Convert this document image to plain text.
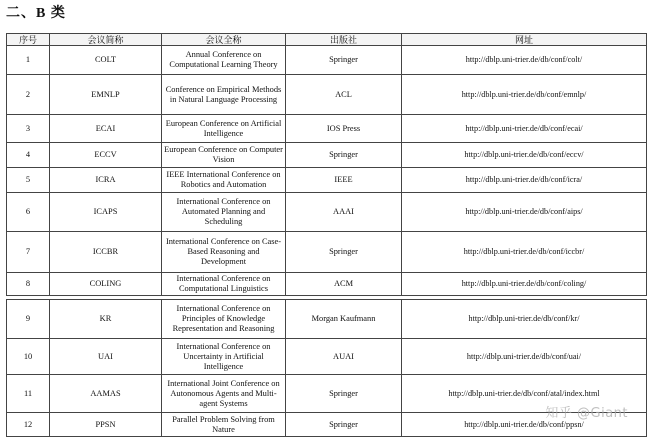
二、B 类
序号	会议简称	会议全称	出版社	网址
1	COLT	Annual Conference on Computational Learning Theory	Springer	http://dblp.uni-trier.de/db/conf/colt/
2	EMNLP	Conference on Empirical Methods in Natural Language Processing	ACL	http://dblp.uni-trier.de/db/conf/emnlp/
3	ECAI	European Conference on Artificial Intelligence	IOS Press	http://dblp.uni-trier.de/db/conf/ecai/
4	ECCV	European Conference on Computer Vision	Springer	http://dblp.uni-trier.de/db/conf/eccv/
5	ICRA	IEEE International Conference on Robotics and Automation	IEEE	http://dblp.uni-trier.de/db/conf/icra/
6	ICAPS	International Conference on Automated Planning and Scheduling	AAAI	http://dblp.uni-trier.de/db/conf/aips/
7	ICCBR	International Conference on Case-Based Reasoning and Development	Springer	http://dblp.uni-trier.de/db/conf/iccbr/
8	COLING	International Conference on Computational Linguistics	ACM	http://dblp.uni-trier.de/db/conf/coling/

9	KR	International Conference on Principles of Knowledge Representation and Reasoning	Morgan Kaufmann	http://dblp.uni-trier.de/db/conf/kr/
10	UAI	International Conference on Uncertainty in Artificial Intelligence	AUAI	http://dblp.uni-trier.de/db/conf/uai/
11	AAMAS	International Joint Conference on Autonomous Agents and Multi-agent Systems	Springer	http://dblp.uni-trier.de/db/conf/atal/index.html
12	PPSN	Parallel Problem Solving from Nature	Springer	http://dblp.uni-trier.de/db/conf/ppsn/
知乎 @Giant
